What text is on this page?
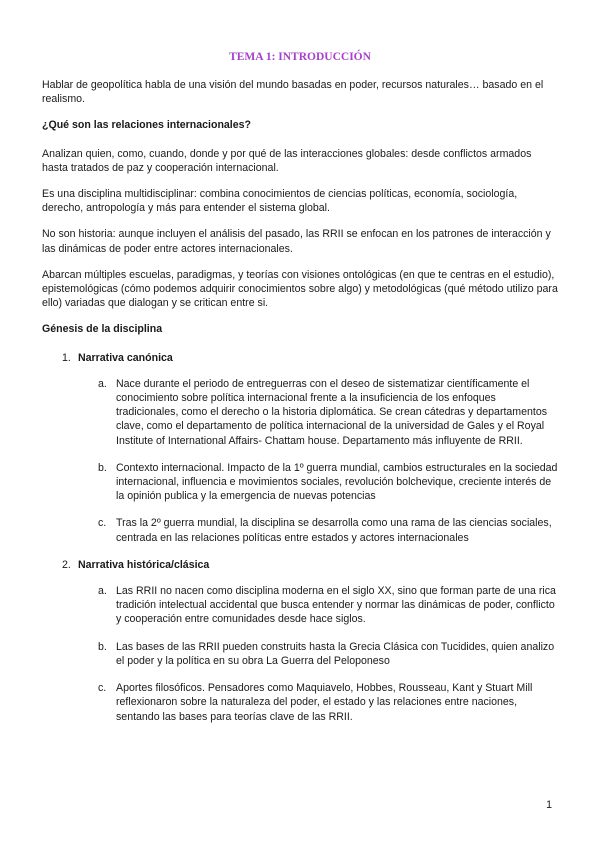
TEMA 1: INTRODUCCIÓN

Hablar de geopolítica habla de una visión del mundo basadas en poder, recursos naturales… basado en el realismo.

¿Qué son las relaciones internacionales?

Analizan quien, como, cuando, donde y por qué de las interacciones globales: desde conflictos armados hasta tratados de paz y cooperación internacional.

Es una disciplina multidisciplinar: combina conocimientos de ciencias políticas, economía, sociología, derecho, antropología y más para entender el sistema global.

No son historia: aunque incluyen el análisis del pasado, las RRII se enfocan en los patrones de interacción y las dinámicas de poder entre actores internacionales.

Abarcan múltiples escuelas, paradigmas, y teorías con visiones ontológicas (en que te centras en el estudio), epistemológicas (cómo podemos adquirir conocimientos sobre algo) y metodológicas (qué método utilizo para ello) variadas que dialogan y se critican entre si.

Génesis de la disciplina

1. Narrativa canónica
a. Nace durante el periodo de entreguerras con el deseo de sistematizar científicamente el conocimiento sobre política internacional frente a la insuficiencia de los enfoques tradicionales, como el derecho o la historia diplomática. Se crean cátedras y departamentos clave, como el departamento de política internacional de la universidad de Gales y el Royal Institute of International Affairs- Chattam house. Departamento más influyente de RRII.
b. Contexto internacional. Impacto de la 1º guerra mundial, cambios estructurales en la sociedad internacional, influencia e movimientos sociales, revolución bolchevique, creciente interés de la opinión publica y la emergencia de nuevas potencias
c. Tras la 2º guerra mundial, la disciplina se desarrolla como una rama de las ciencias sociales, centrada en las relaciones políticas entre estados y actores internacionales
2. Narrativa histórica/clásica
a. Las RRII no nacen como disciplina moderna en el siglo XX, sino que forman parte de una rica tradición intelectual accidental que busca entender y normar las dinámicas de poder, conflicto y cooperación entre comunidades desde hace siglos.
b. Las bases de las RRII pueden construits hasta la Grecia Clásica con Tucidides, quien analizo el poder y la política en su obra La Guerra del Peloponeso
c. Aportes filosóficos. Pensadores como Maquiavelo, Hobbes, Rousseau, Kant y Stuart Mill reflexionaron sobre la naturaleza del poder, el estado y las relaciones entre naciones, sentando las bases para teorías clave de las RRII.
1
